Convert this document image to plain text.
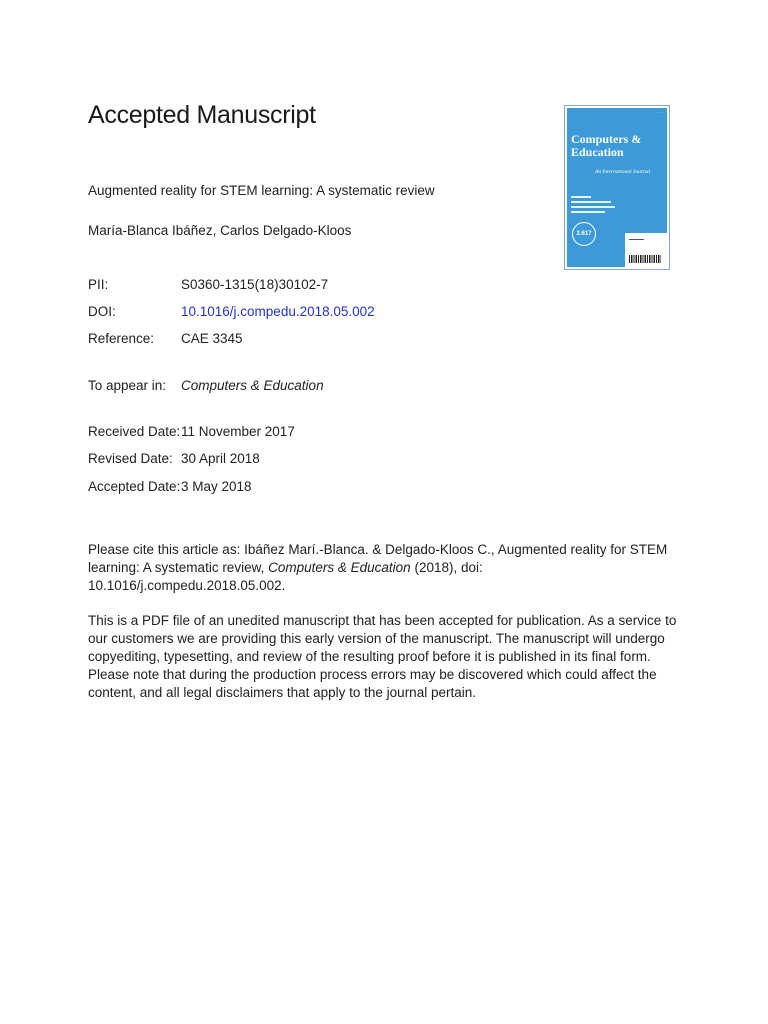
Accepted Manuscript	·····
Computers & Education
An International Journal
2.617
▬▬▬▬▬

Augmented reality for STEM learning: A systematic review

María-Blanca Ibáñez, Carlos Delgado-Kloos

PII:	S0360-1315(18)30102-7
DOI:	10.1016/j.compedu.2018.05.002
Reference: CAE 3345
To appear in: Computers & Education
Received Date: 11 November 2017
Revised Date: 30 April 2018
Accepted Date: 3 May 2018

Please cite this article as: Ibáñez Marí.-Blanca. & Delgado-Kloos C., Augmented reality for STEM learning: A systematic review, Computers & Education (2018), doi: 10.1016/j.compedu.2018.05.002.

This is a PDF file of an unedited manuscript that has been accepted for publication. As a service to our customers we are providing this early version of the manuscript. The manuscript will undergo copyediting, typesetting, and review of the resulting proof before it is published in its final form. Please note that during the production process errors may be discovered which could affect the content, and all legal disclaimers that apply to the journal pertain.
